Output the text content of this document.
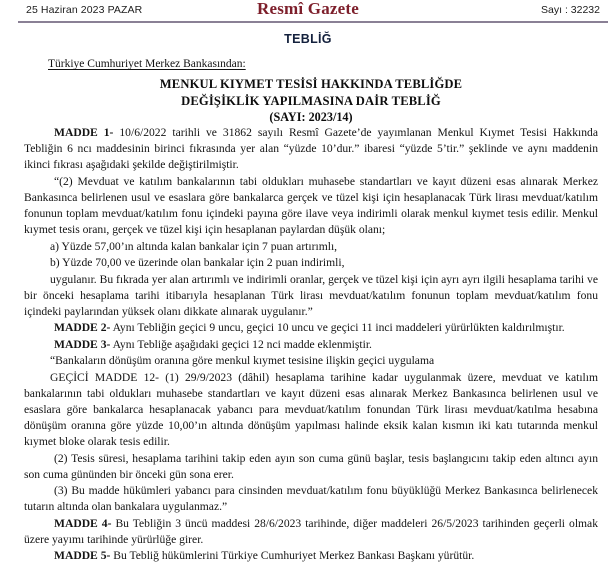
25 Haziran 2023 PAZAR	Resmî Gazete	Sayı : 32232
TEBLİĞ
Türkiye Cumhuriyet Merkez Bankasından:
MENKUL KIYMET TESİSİ HAKKINDA TEBLİĞDE
DEĞİŞİKLİK YAPILMASINA DAİR TEBLİĞ
(SAYI: 2023/14)

MADDE 1- 10/6/2022 tarihli ve 31862 sayılı Resmî Gazete’de yayımlanan Menkul Kıymet Tesisi Hakkında Tebliğin 6 ncı maddesinin birinci fıkrasında yer alan “yüzde 10’dur.” ibaresi “yüzde 5’tir.” şeklinde ve aynı maddenin ikinci fıkrası aşağıdaki şekilde değiştirilmiştir.

“(2) Mevduat ve katılım bankalarının tabi oldukları muhasebe standartları ve kayıt düzeni esas alınarak Merkez Bankasınca belirlenen usul ve esaslara göre bankalarca gerçek ve tüzel kişi için hesaplanacak Türk lirası mevduat/katılım fonunun toplam mevduat/katılım fonu içindeki payına göre ilave veya indirimli olarak menkul kıymet tesis edilir. Menkul kıymet tesis oranı, gerçek ve tüzel kişi için hesaplanan paylardan düşük olanı;

a) Yüzde 57,00’ın altında kalan bankalar için 7 puan artırımlı,

b) Yüzde 70,00 ve üzerinde olan bankalar için 2 puan indirimli,

uygulanır. Bu fıkrada yer alan artırımlı ve indirimli oranlar, gerçek ve tüzel kişi için ayrı ayrı ilgili hesaplama tarihi ve bir önceki hesaplama tarihi itibarıyla hesaplanan Türk lirası mevduat/katılım fonunun toplam mevduat/katılım fonu içindeki paylarından yüksek olanı dikkate alınarak uygulanır.”

MADDE 2- Aynı Tebliğin geçici 9 uncu, geçici 10 uncu ve geçici 11 inci maddeleri yürürlükten kaldırılmıştır.

MADDE 3- Aynı Tebliğe aşağıdaki geçici 12 nci madde eklenmiştir.

“Bankaların dönüşüm oranına göre menkul kıymet tesisine ilişkin geçici uygulama

GEÇİCİ MADDE 12- (1) 29/9/2023 (dâhil) hesaplama tarihine kadar uygulanmak üzere, mevduat ve katılım bankalarının tabi oldukları muhasebe standartları ve kayıt düzeni esas alınarak Merkez Bankasınca belirlenen usul ve esaslara göre bankalarca hesaplanacak yabancı para mevduat/katılım fonundan Türk lirası mevduat/katılma hesabına dönüşüm oranına göre yüzde 10,00’ın altında dönüşüm yapılması halinde eksik kalan kısmın iki katı tutarında menkul kıymet bloke olarak tesis edilir.

(2) Tesis süresi, hesaplama tarihini takip eden ayın son cuma günü başlar, tesis başlangıcını takip eden altıncı ayın son cuma gününden bir önceki gün sona erer.

(3) Bu madde hükümleri yabancı para cinsinden mevduat/katılım fonu büyüklüğü Merkez Bankasınca belirlenecek tutarın altında olan bankalara uygulanmaz.”

MADDE 4- Bu Tebliğin 3 üncü maddesi 28/6/2023 tarihinde, diğer maddeleri 26/5/2023 tarihinden geçerli olmak üzere yayımı tarihinde yürürlüğe girer.

MADDE 5- Bu Tebliğ hükümlerini Türkiye Cumhuriyet Merkez Bankası Başkanı yürütür.
